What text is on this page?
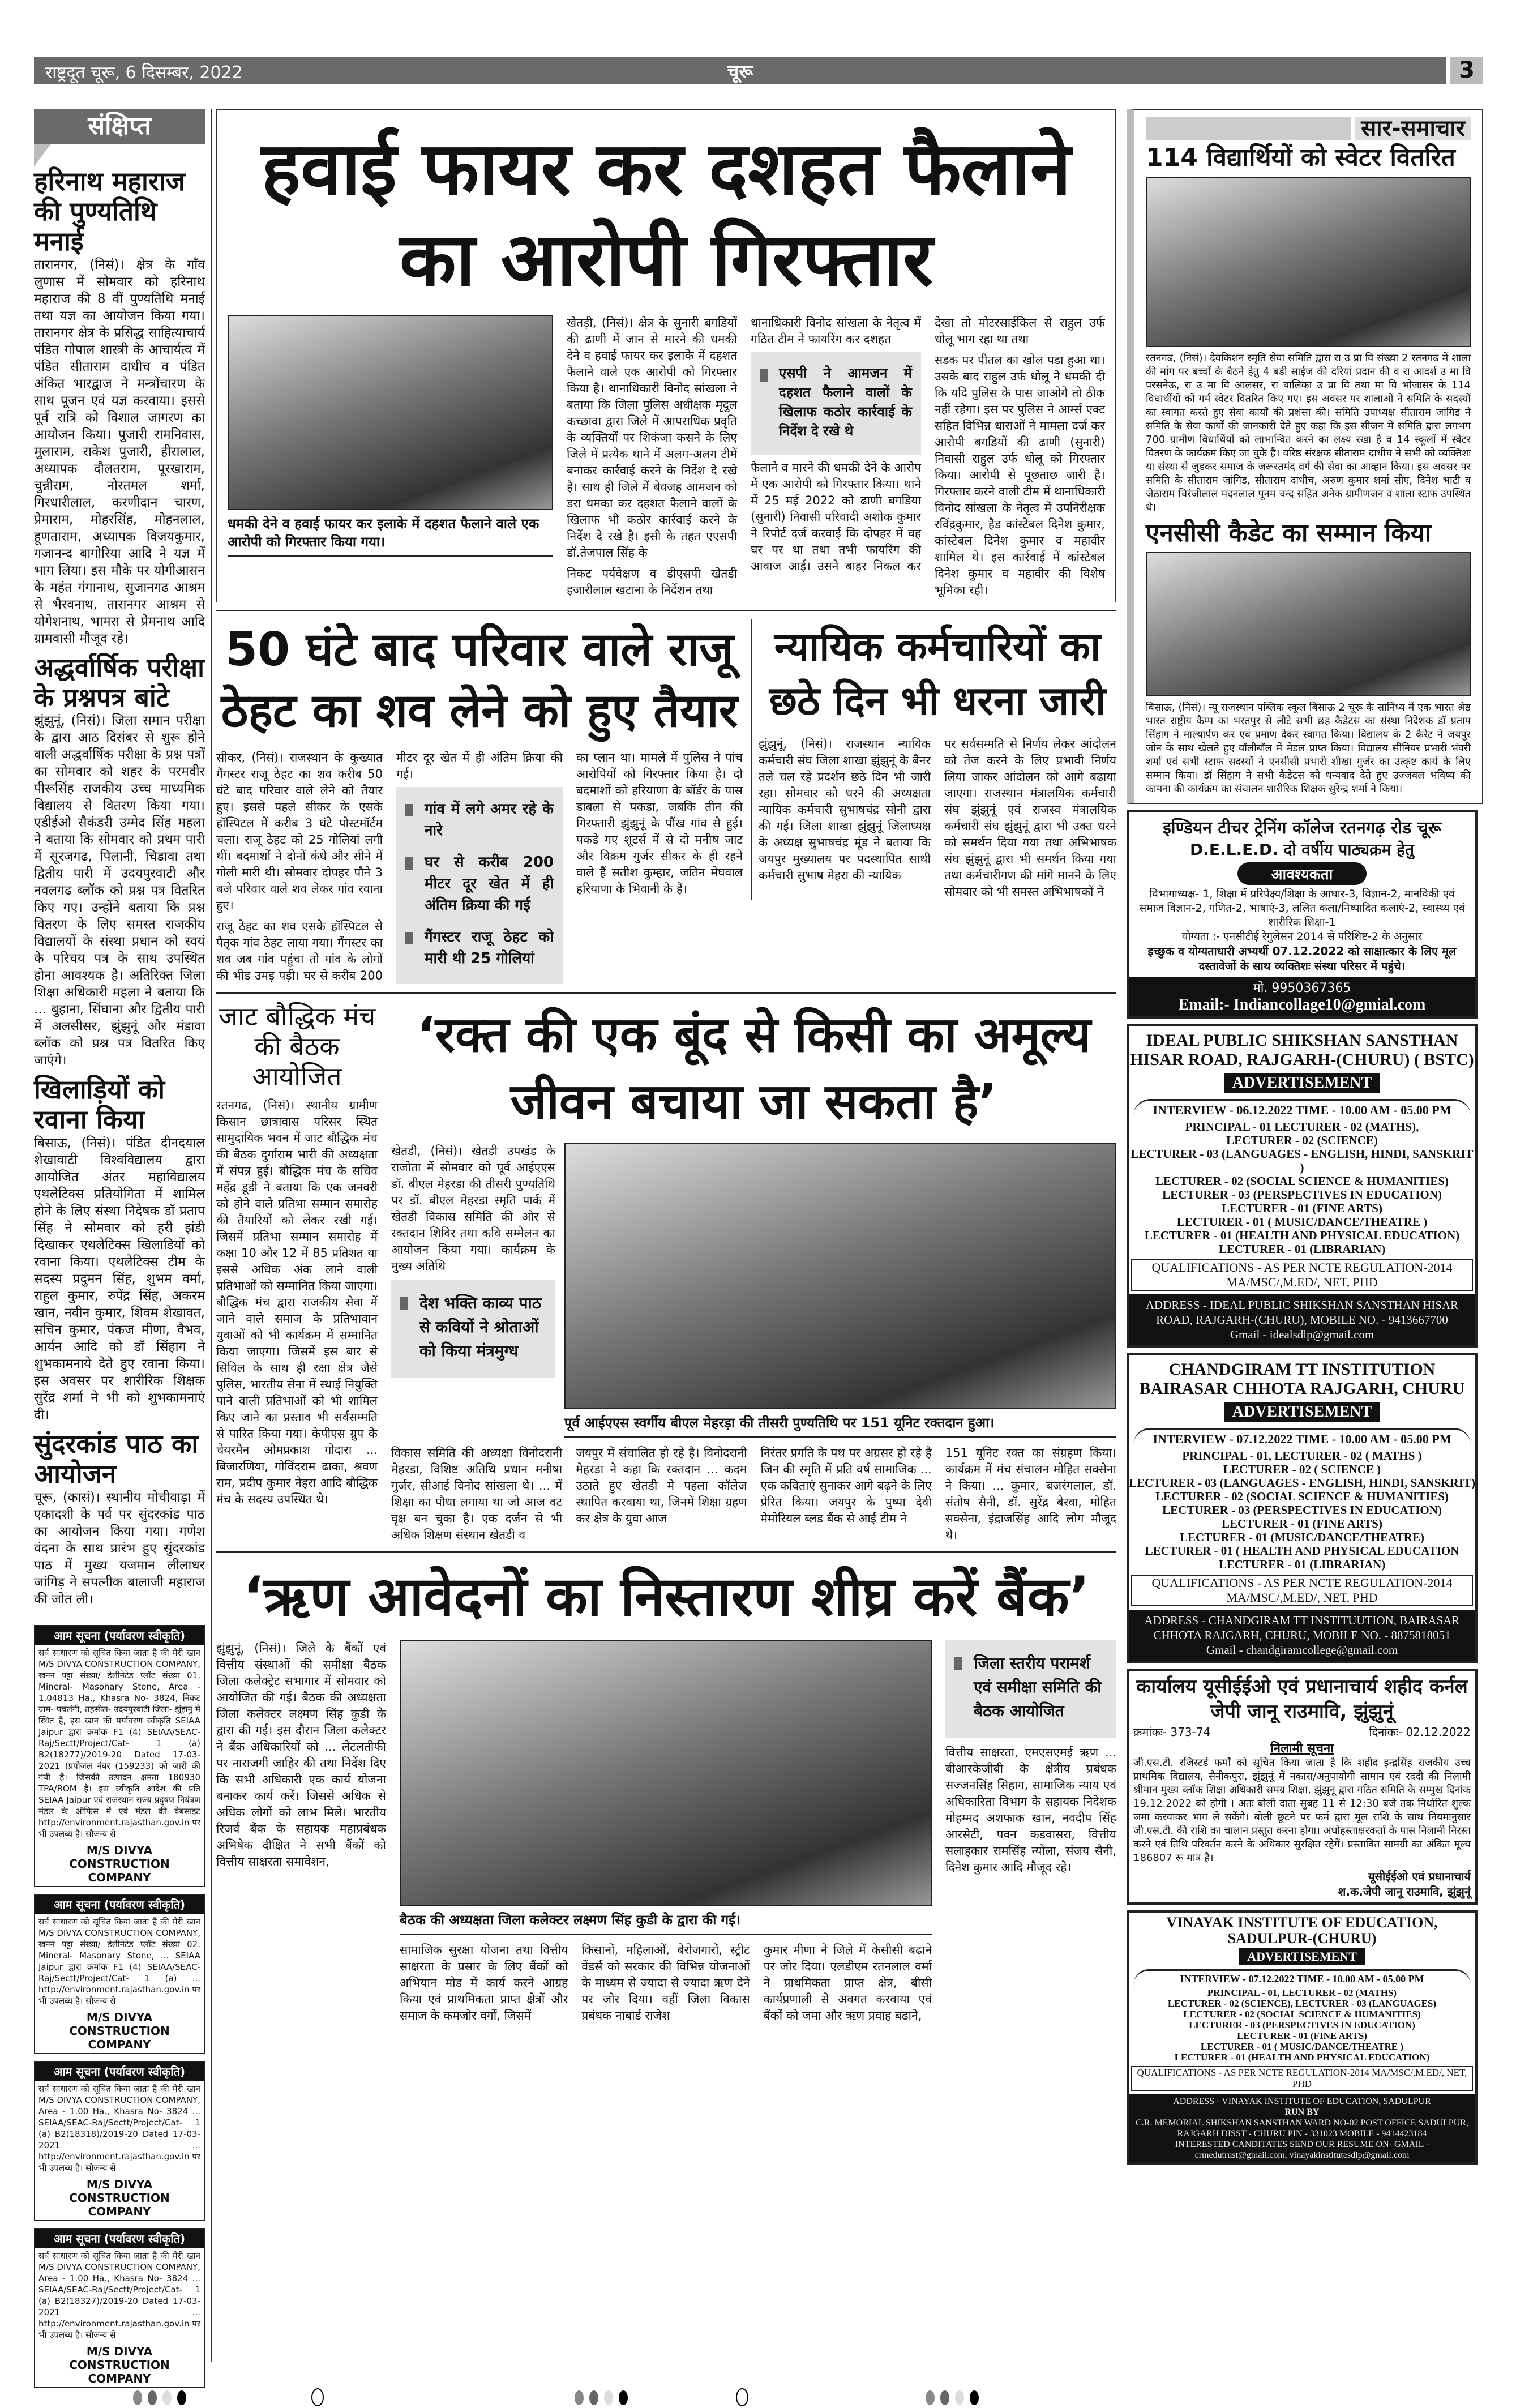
राष्ट्रदूत चूरू, 6 दिसम्बर, 2022	चूरू	3
संक्षिप्त
हरिनाथ महाराज की पुण्यतिथि मनाई
तारानगर, (निसं)। क्षेत्र के गाँव लुणास में सोमवार को हरिनाथ महाराज की 8 वीं पुण्यतिथि मनाई तथा यज्ञ का आयोजन किया गया। तारानगर क्षेत्र के प्रसिद्ध साहित्याचार्य पंडित गोपाल शास्त्री के आचार्यत्व में पंडित सीताराम दाधीच व पंडित अंकित भारद्वाज ने मन्त्रोंचारण के साथ पूजन एवं यज्ञ करवाया। इससे पूर्व रात्रि को विशाल जागरण का आयोजन किया। पुजारी रामनिवास, मुलाराम, राकेश पुजारी, हीरालाल, अध्यापक दौलतराम, पूरखाराम, चुन्नीराम, नोरतमल शर्मा, गिरधारीलाल, करणीदान चारण, प्रेमाराम, मोहरसिंह, मोहनलाल, हूणताराम, अध्यापक विजयकुमार, गजानन्द बागोरिया आदि ने यज्ञ में भाग लिया। इस मौके पर योगीआसन के महंत गंगानाथ, सुजानगढ आश्रम से भैरवनाथ, तारानगर आश्रम से योगेशनाथ, भामरा से प्रेमनाथ आदि ग्रामवासी मौजूद रहे।
अद्धर्वार्षिक परीक्षा के प्रश्नपत्र बांटे
झुंझुनूं, (निसं)। जिला समान परीक्षा के द्वारा आठ दिसंबर से शुरू होने वाली अद्धर्वार्षिक परीक्षा के प्रश्न पत्रों का सोमवार को शहर के परमवीर पीरूसिंह राजकीय उच्च माध्यमिक विद्यालय से वितरण किया गया। एडीईओ सैकंडरी उम्मेद सिंह महला ने बताया कि सोमवार को प्रथम पारी में सूरजगढ, पिलानी, चिडावा तथा द्वितीय पारी में उदयपुरवाटी और नवलगढ ब्लॉक को प्रश्न पत्र वितरित किए गए। उन्होंने बताया कि प्रश्न वितरण के लिए समस्त राजकीय विद्यालयों के संस्था प्रधान को स्वयं के परिचय पत्र के साथ उपस्थित होना आवश्यक है। अतिरिक्त जिला शिक्षा अधिकारी महला ने बताया कि ... बुहाना, सिंघाना और द्वितीय पारी में अलसीसर, झुंझुनूं और मंडावा ब्लॉक को प्रश्न पत्र वितरित किए जाएंगे।
खिलाड़ियों को रवाना किया
बिसाऊ, (निसं)। पंडित दीनदयाल शेखावाटी विश्वविद्यालय द्वारा आयोजित अंतर महाविद्यालय एथलेटिक्स प्रतियोगिता में शामिल होने के लिए संस्था निदेषक डॉ प्रताप सिंह ने सोमवार को हरी झंडी दिखाकर एथलेटिक्स खिलाडियों को रवाना किया। एथलेटिक्स टीम के सदस्य प्रदुमन सिंह, शुभम वर्मा, राहुल कुमार, रुपेंद्र सिंह, अकरम खान, नवीन कुमार, शिवम शेखावत, सचिन कुमार, पंकज मीणा, वैभव, आर्यन आदि को डॉ सिंहाग ने शुभकामनाये देते हुए रवाना किया। इस अवसर पर शारीरिक शिक्षक सुरेंद्र शर्मा ने भी को शुभकामनाएं दी।
सुंदरकांड पाठ का आयोजन
चूरू, (कासं)। स्थानीय मोचीवाड़ा में एकादशी के पर्व पर सुंदरकांड पाठ का आयोजन किया गया। गणेश वंदना के साथ प्रारंभ हुए सुंदरकांड पाठ में मुख्य यजमान लीलाधर जांगिड़ ने सपत्नीक बालाजी महाराज की जोत ली।
आम सूचना (पर्यावरण स्वीकृति)
सर्व साधारण को सूचित किया जाता है की मेरी खान M/S DIVYA CONSTRUCTION COMPANY, खनन पट्टा संख्या/ डेलीनेटेड प्लॉट संख्या 01, Mineral- Masonary Stone, Area - 1.04813 Ha., Khasra No- 3824, निकट ग्राम- पचलंगी, तहसील- उदयपुरवाटी जिला- झुंझनु में स्थित है, इस खान की पर्यावरण स्वीकृति SEIAA Jaipur द्वारा क्रमांक F1 (4) SEIAA/SEAC-Raj/Sectt/Project/Cat- 1 (a) B2(18277)/2019-20 Dated 17-03-2021 (प्रपोजल नंबर (159233) को जारी की गयी है। जिसकी उत्पादन क्षमता 180930 TPA/ROM है। इस स्वीकृति आदेश की प्रति SEIAA Jaipur एवं राजस्थान राज्य प्रदुषण नियंत्रण मंडल के ऑफिस में एवं मंडल की वेबसाइट http://environment.rajasthan.gov.in पर भी उपलब्ध है। सौजन्य से
M/S DIVYA CONSTRUCTION COMPANY
आम सूचना (पर्यावरण स्वीकृति)
सर्व साधारण को सूचित किया जाता है की मेरी खान M/S DIVYA CONSTRUCTION COMPANY, खनन पट्टा संख्या/ डेलीनेटेड प्लॉट संख्या 02, Mineral- Masonary Stone, ... SEIAA Jaipur द्वारा क्रमांक F1 (4) SEIAA/SEAC-Raj/Sectt/Project/Cat- 1 (a) ... http://environment.rajasthan.gov.in पर भी उपलब्ध है। सौजन्य से
M/S DIVYA CONSTRUCTION COMPANY
आम सूचना (पर्यावरण स्वीकृति)
सर्व साधारण को सूचित किया जाता है की मेरी खान M/S DIVYA CONSTRUCTION COMPANY, Area - 1.00 Ha., Khasra No- 3824 ... SEIAA/SEAC-Raj/Sectt/Project/Cat- 1 (a) B2(18318)/2019-20 Dated 17-03-2021 ... http://environment.rajasthan.gov.in पर भी उपलब्ध है। सौजन्य से
M/S DIVYA CONSTRUCTION COMPANY
आम सूचना (पर्यावरण स्वीकृति)
सर्व साधारण को सूचित किया जाता है की मेरी खान M/S DIVYA CONSTRUCTION COMPANY, Area - 1.00 Ha., Khasra No- 3824 ... SEIAA/SEAC-Raj/Sectt/Project/Cat- 1 (a) B2(18327)/2019-20 Dated 17-03-2021 ... http://environment.rajasthan.gov.in पर भी उपलब्ध है। सौजन्य से
M/S DIVYA CONSTRUCTION COMPANY
हवाई फायर कर दशहत फैलाने का आरोपी गिरफ्तार
धमकी देने व हवाई फायर कर इलाके में दहशत फैलाने वाले एक आरोपी को गिरफ्तार किया गया।
खेतड़ी, (निसं)। क्षेत्र के सुनारी बगडियों की ढाणी में जान से मारने की धमकी देने व हवाई फायर कर इलाके में दहशत फैलाने वाले एक आरोपी को गिरफ्तार किया है। थानाधिकारी विनोद सांखला ने बताया कि जिला पुलिस अधीक्षक मृदुल कच्छावा द्वारा जिले में आपराधिक प्रवृति के व्यक्तियों पर शिकंजा कसने के लिए जिले में प्रत्येक थाने में अलग-अलग टीमें बनाकर कार्रवाई करने के निर्देश दे रखे है। साथ ही जिले में बेवजह आमजन को डरा धमका कर दहशत फैलाने वालों के खिलाफ भी कठोर कार्रवाई करने के निर्देश दे रखे है। इसी के तहत एएसपी डॉ.तेजपाल सिंह के
निकट पर्यवेक्षण व डीएसपी खेतडी हजारीलाल खटाना के निर्देशन तथा
थानाधिकारी विनोद सांखला के नेतृत्व में गठित टीम ने फायरिंग कर दशहत

एसपी ने आमजन में दहशत फैलाने वालों के खिलाफ कठोर कार्रवाई के निर्देश दे रखे थे

फैलाने व मारने की धमकी देने के आरोप में एक आरोपी को गिरफ्तार किया। थाने में 25 मई 2022 को ढाणी बगडिया (सुनारी) निवासी परिवादी अशोक कुमार ने रिपोर्ट दर्ज करवाई कि दोपहर में वह घर पर था तथा तभी फायरिंग की आवाज आई। उसने बाहर निकल कर देखा तो मोटरसाईकिल से राहुल उर्फ धोलू भाग रहा था तथा
सडक पर पीतल का खोल पडा हुआ था। उसके बाद राहुल उर्फ धोलू ने धमकी दी कि यदि पुलिस के पास जाओगे तो ठीक नहीं रहेगा। इस पर पुलिस ने आर्म्स एक्ट सहित विभिन्न धाराओं ने मामला दर्ज कर आरोपी बगडियों की ढाणी (सुनारी) निवासी राहुल उर्फ धोलू को गिरफ्तार किया। आरोपी से पूछताछ जारी है। गिरफ्तार करने वाली टीम में थानाधिकारी विनोद सांखला के नेतृत्व में उपनिरीक्षक रविंद्रकुमार, हैड कांस्टेबल दिनेश कुमार, कांस्टेबल दिनेश कुमार व महावीर शामिल थे। इस कार्रवाई में कांस्टेबल दिनेश कुमार व महावीर की विशेष भूमिका रही।
50 घंटे बाद परिवार वाले राजू ठेहट का शव लेने को हुए तैयार
सीकर, (निसं)। राजस्थान के कुख्यात गैंगस्टर राजू ठेहट का शव करीब 50 घंटे बाद परिवार वाले लेने को तैयार हुए। इससे पहले सीकर के एसके हॉस्पिटल में करीब 3 घंटे पोस्टमॉर्टम चला। राजू ठेहट को 25 गोलियां लगी थीं। बदमाशों ने दोनों कंधे और सीने में गोली मारी थी। सोमवार दोपहर पौने 3 बजे परिवार वाले शव लेकर गांव रवाना हुए।
राजू ठेहट का शव एसके हॉस्पिटल से पैतृक गांव ठेहट लाया गया। गैंगस्टर का शव जब गांव पहुंचा तो गांव के लोगों की भीड उमड़ पड़ी। घर से करीब 200 मीटर दूर खेत में ही अंतिम क्रिया की गई।

गांव में लगे अमर रहे के नारे

घर से करीब 200 मीटर दूर खेत में ही अंतिम क्रिया की गई

गैंगस्टर राजू ठेहट को मारी थी 25 गोलियां

का प्लान था। मामले में पुलिस ने पांच आरोपियों को गिरफ्तार किया है। दो बदमाशों को हरियाणा के बॉर्डर के पास डाबला से पकडा, जबकि तीन की गिरफ्तारी झुंझुनूं के पौंख गांव से हुई। पकडे गए शूटर्स में से दो मनीष जाट और विक्रम गुर्जर सीकर के ही रहने वाले हैं सतीश कुम्हार, जतिन मेघवाल हरियाणा के भिवानी के हैं।
न्यायिक कर्मचारियों का छठे दिन भी धरना जारी
झुंझुनूं, (निसं)। राजस्थान न्यायिक कर्मचारी संघ जिला शाखा झुंझुनूं के बैनर तले चल रहे प्रदर्शन छठे दिन भी जारी रहा। सोमवार को धरने की अध्यक्षता न्यायिक कर्मचारी सुभाषचंद्र सोनी द्वारा की गई। जिला शाखा झुंझुनूं जिलाध्यक्ष के अध्यक्ष सुभाषचंद्र मूंड ने बताया कि जयपुर मुख्यालय पर पदस्थापित साथी कर्मचारी सुभाष मेहरा की न्यायिक
पर सर्वसम्मति से निर्णय लेकर आंदोलन को तेज करने के लिए प्रभावी निर्णय लिया जाकर आंदोलन को आगे बढाया जाएगा। राजस्थान मंत्रालयिक कर्मचारी संघ झुंझुनूं एवं राजस्व मंत्रालयिक कर्मचारी संघ झुंझुनूं द्वारा भी उक्त धरने को समर्थन दिया गया तथा अभिभाषक संघ झुंझुनूं द्वारा भी समर्थन किया गया तथा कर्मचारीगण की मांगे मानने के लिए सोमवार को भी समस्त अभिभाषकों ने
जाट बौद्धिक मंच की बैठक आयोजित
रतनगढ, (निसं)। स्थानीय ग्रामीण किसान छात्रावास परिसर स्थित सामुदायिक भवन में जाट बौद्धिक मंच की बैठक दुर्गाराम भारी की अध्यक्षता में संपन्न हुई। बौद्धिक मंच के सचिव महेंद्र डूडी ने बताया कि एक जनवरी को होने वाले प्रतिभा सम्मान समारोह की तैयारियों को लेकर रखी गई। जिसमें प्रतिभा सम्मान समारोह में कक्षा 10 और 12 में 85 प्रतिशत या इससे अधिक अंक लाने वाली प्रतिभाओं को सम्मानित किया जाएगा। बौद्धिक मंच द्वारा राजकीय सेवा में जाने वाले समाज के प्रतिभावान युवाओं को भी कार्यक्रम में सम्मानित किया जाएगा। जिसमें इस बार से सिविल के साथ ही रक्षा क्षेत्र जैसे पुलिस, भारतीय सेना में स्थाई नियुक्ति पाने वाली प्रतिभाओं को भी शामिल किए जाने का प्रस्ताव भी सर्वसम्मति से पारित किया गया। केपीएस ग्रुप के चेयरमैन ओमप्रकाश गोदारा ... बिजारणिया, गोविंदराम ढाका, श्रवण राम, प्रदीप कुमार नेहरा आदि बौद्धिक मंच के सदस्य उपस्थित थे।
‘रक्त की एक बूंद से किसी का अमूल्य जीवन बचाया जा सकता है’
खेतडी, (निसं)। खेतडी उपखंड के राजोता में सोमवार को पूर्व आईएएस डॉ. बीएल मेहरडा की तीसरी पुण्यतिथि पर डॉ. बीएल मेहरडा स्मृति पार्क में खेतडी विकास समिति की ओर से रक्तदान शिविर तथा कवि सम्मेलन का आयोजन किया गया। कार्यक्रम के मुख्य अतिथि

देश भक्ति काव्य पाठ से कवियों ने श्रोताओं को किया मंत्रमुग्ध

पूर्व आईएएस स्वर्गीय बीएल मेहरड़ा की तीसरी पुण्यतिथि पर 151 यूनिट रक्तदान हुआ।
विकास समिति की अध्यक्षा विनोदरानी मेहरडा, विशिष्ट अतिथि प्रधान मनीषा गुर्जर, सीआई विनोद सांखला थे। ... में शिक्षा का पौधा लगाया था जो आज वट वृक्ष बन चुका है। एक दर्जन से भी अधिक शिक्षण संस्थान खेतडी व
जयपुर में संचालित हो रहे है। विनोदरानी मेहरडा ने कहा कि रक्तदान ... कदम उठाते हुए खेतडी मे पहला कॉलेज स्थापित करवाया था, जिनमें शिक्षा ग्रहण कर क्षेत्र के युवा आज
निरंतर प्रगति के पथ पर अग्रसर हो रहे है जिन की स्मृति में प्रति वर्ष सामाजिक ... एक कविताएं सुनाकर आगे बढ़ने के लिए प्रेरित किया। जयपुर के पुष्पा देवी मेमोरियल ब्लड बैंक से आई टीम ने
151 यूनिट रक्त का संग्रहण किया। कार्यक्रम में मंच संचालन मोहित सक्सेना ने किया। ... कुमार, बजरंगलाल, डॉ. संतोष सैनी, डॉ. सुरेंद्र बेरवा, मोहित सक्सेना, इंद्राजसिंह आदि लोग मौजूद थे।
‘ऋण आवेदनों का निस्तारण शीघ्र करें बैंक’
झुंझुनूं, (निसं)। जिले के बैंकों एवं वित्तीय संस्थाओं की समीक्षा बैठक जिला कलेक्ट्रेट सभागार में सोमवार को आयोजित की गई। बैठक की अध्यक्षता जिला कलेक्टर लक्ष्मण सिंह कुडी के द्वारा की गई। इस दौरान जिला कलेक्टर ने बैंक अधिकारियों को ... लेटलतीफी पर नाराजगी जाहिर की तथा निर्देश दिए कि सभी अधिकारी एक कार्य योजना बनाकर कार्य करें। जिससे अधिक से अधिक लोगों को लाभ मिले। भारतीय रिजर्व बैंक के सहायक महाप्रबंधक अभिषेक दीक्षित ने सभी बैंकों को वित्तीय साक्षरता समावेशन,
बैठक की अध्यक्षता जिला कलेक्टर लक्ष्मण सिंह कुडी के द्वारा की गई।
सामाजिक सुरक्षा योजना तथा वित्तीय साक्षरता के प्रसार के लिए बैंकों को अभियान मोड में कार्य करने आग्रह किया एवं प्राथमिकता प्राप्त क्षेत्रों और समाज के कमजोर वर्गों, जिसमें
किसानों, महिलाओं, बेरोजगारों, स्ट्रीट वेंडर्स को सरकार की विभिन्न योजनाओं के माध्यम से ज्यादा से ज्यादा ऋण देने पर जोर दिया। वहीं जिला विकास प्रबंधक नाबार्ड राजेश
कुमार मीणा ने जिले में केसीसी बढाने पर जोर दिया। एलडीएम रतनलाल वर्मा ने प्राथमिकता प्राप्त क्षेत्र, बीसी कार्यप्रणाली से अवगत करवाया एवं बैंकों को जमा और ऋण प्रवाह बढाने,

जिला स्तरीय परामर्श एवं समीक्षा समिति की बैठक आयोजित

वित्तीय साक्षरता, एमएसएमई ऋण ... बीआरकेजीबी के क्षेत्रीय प्रबंधक सज्जनसिंह सिहाग, सामाजिक न्याय एवं अधिकारिता विभाग के सहायक निदेशक मोहम्मद अशफाक खान, नवदीप सिंह आरसेटी, पवन कडवासरा, वित्तीय सलाहकार रामसिंह न्योला, संजय सैनी, दिनेश कुमार आदि मौजूद रहे।
सार-समाचार
114 विद्यार्थियों को स्वेटर वितरित
रतनगढ, (निसं)। देवकिशन स्मृति सेवा समिति द्वारा रा उ प्रा वि संख्या 2 रतनगढ में शाला की मांग पर बच्चों के बैठने हेतु 4 बडी साईज की दरियां प्रदान की व रा आदर्श उ मा वि परसनेऊ, रा उ मा वि आलसर, रा बालिका उ प्रा वि तथा मा वि भोजासर के 114 विधार्थीयों को गर्म स्वेटर वितरित किए गए। इस अवसर पर शालाओं ने समिति के सदस्यों का स्वागत करते हुए सेवा कार्यों की प्रशंसा की। समिति उपाध्यक्ष सीताराम जांगिड ने समिति के सेवा कार्यों की जानकारी देते हुए कहा कि इस सीजन में समिति द्वारा लगभग 700 ग्रामीण विधार्थियों को लाभान्वित करने का लक्ष्य रखा है व 14 स्कूलों में स्वेटर वितरण के कार्यक्रम किए जा चुके हैं। वरिष्ठ संरक्षक सीताराम दाधीच ने सभी को व्यक्तिशः या संस्था से जुडकर समाज के जरूरतमंद वर्ग की सेवा का आव्हान किया। इस अवसर पर समिति के सीताराम जांगिड, सीताराम दाधीच, अरुण कुमार शर्मा सीए, दिनेश भाटी व जेठाराम चिरंजीलाल मदनलाल पूनम चन्द सहित अनेक ग्रामीणजन व शाला स्टाफ उपस्थित थे।
एनसीसी कैडेट का सम्मान किया
बिसाऊ, (निसं)। न्यू राजस्थान पब्लिक स्कूल बिसाऊ 2 चूरू के सानिध्य में एक भारत श्रेष्ठ भारत राष्ट्रीय कैम्प का भरतपुर से लौटे सभी छह कैडेटस का संस्था निदेशक डॉ प्रताप सिंहाग ने माल्यार्पण कर एवं प्रमाण देकर स्वागत किया। विद्यालय के 2 कैरेट ने जयपुर जोन के साथ खेलते हुए वॉलीबॉल में मेडल प्राप्त किया। विद्यालय सीनियर प्रभारी भंवरी शर्मा एवं सभी स्टाफ सदस्यों ने एनसीसी प्रभारी शीखा गुर्जर का उत्कृष्ट कार्य के लिए सम्मान किया। डॉ सिंहाग ने सभी कैडेटस को धन्यवाद देते हुए उज्जवल भविष्य की कामना की कार्यक्रम का संचालन शारीरिक शिक्षक सुरेन्द्र शर्मा ने किया।
इण्डियन टीचर ट्रेनिंग कॉलेज रतनगढ़ रोड चूरू
D.E.L.E.D. दो वर्षीय पाठ्यक्रम हेतु
आवश्यकता
विभागाध्यक्ष- 1, शिक्षा में प्ररिपेक्ष्य/शिक्षा के आधार-3, विज्ञान-2, मानविकी एवं समाज विज्ञान-2, गणित-2, भाषाएं-3, ललित कला/निष्पादित कलाएं-2, स्वास्थ्य एवं शारीरिक शिक्षा-1
योग्यता :- एनसीटीई रेगुलेसन 2014 से परिशिष्ट-2 के अनुसार
इच्छुक व योग्यताधारी अभ्यर्थी 07.12.2022 को साक्षात्कार के लिए मूल दस्तावेजों के साथ व्यक्तिशः संस्था परिसर में पहुंचे।
मो. 9950367365
Email:- Indiancollage10@gmial.com
IDEAL PUBLIC SHIKSHAN SANSTHAN HISAR ROAD, RAJGARH-(CHURU) ( BSTC)
ADVERTISEMENT
INTERVIEW - 06.12.2022 TIME - 10.00 AM - 05.00 PM
PRINCIPAL - 01 LECTURER - 02 (MATHS),
LECTURER - 02 (SCIENCE)
LECTURER - 03 (LANGUAGES - ENGLISH, HINDI, SANSKRIT )
LECTURER - 02 (SOCIAL SCIENCE & HUMANITIES)
LECTURER - 03 (PERSPECTIVES IN EDUCATION)
LECTURER - 01 (FINE ARTS)
LECTURER - 01 ( MUSIC/DANCE/THEATRE )
LECTURER - 01 (HEALTH AND PHYSICAL EDUCATION)
LECTURER - 01 (LIBRARIAN)
QUALIFICATIONS - AS PER NCTE REGULATION-2014 MA/MSC/,M.ED/, NET, PHD
ADDRESS - IDEAL PUBLIC SHIKSHAN SANSTHAN HISAR ROAD, RAJGARH-(CHURU), MOBILE NO. - 9413667700
Gmail - idealsdlp@gmail.com
CHANDGIRAM TT INSTITUTION BAIRASAR CHHOTA RAJGARH, CHURU
ADVERTISEMENT
INTERVIEW - 07.12.2022 TIME - 10.00 AM - 05.00 PM
PRINCIPAL - 01, LECTURER - 02 ( MATHS )
LECTURER - 02 ( SCIENCE )
LECTURER - 03 (LANGUAGES - ENGLISH, HINDI, SANSKRIT)
LECTURER - 02 (SOCIAL SCIENCE & HUMANITIES)
LECTURER - 03 (PERSPECTIVES IN EDUCATION)
LECTURER - 01 (FINE ARTS)
LECTURER - 01 (MUSIC/DANCE/THEATRE)
LECTURER - 01 ( HEALTH AND PHYSICAL EDUCATION
LECTURER - 01 (LIBRARIAN)
QUALIFICATIONS - AS PER NCTE REGULATION-2014 MA/MSC/,M.ED/, NET, PHD
ADDRESS - CHANDGIRAM TT INSTITUUTION, BAIRASAR CHHOTA RAJGARH, CHURU, MOBILE NO. - 8875818051
Gmail - chandgiramcollege@gmail.com
कार्यालय यूसीईईओ एवं प्रधानाचार्य शहीद कर्नल जेपी जानू राउमावि, झुंझुनूं
क्रमांकः- 373-74	दिनांकः- 02.12.2022
निलामी सूचना
जी.एस.टी. रजिस्टर्ड फर्मों को सूचित किया जाता है कि शहीद इन्द्रसिंह राजकीय उच्च प्राथमिक विद्यालय, सैनीकपुरा, झुंझुनूं में नकारा/अनुपायोगी सामान एवं रददी की निलामी श्रीमान मुख्य ब्लॉक शिक्षा अधिकारी समग्र शिक्षा, झुंझुनू द्वारा गठित समिति के सम्मुख दिनांक 19.12.2022 को होगी । अतः बोली दाता सुबह 11 से 12:30 बजे तक निर्धारित शुल्क जमा करवाकर भाग ले सकेंगे। बोली छूटने पर फर्म द्वारा मूल राशि के साथ नियमानुसार जी.एस.टी. की राशि का चालान प्रस्तुत करना होगा। अधोहस्ताक्षरकर्ता के पास निलामी निरस्त करने एवं तिथि परिवर्तन करने के अधिकार सुरक्षित रहेगें। प्रस्तावित सामग्री का अंकित मूल्य 186807 रू मात्र है।
यूसीईईओ एवं प्रधानाचार्य
श.क.जेपी जानू राउमावि, झुंझुनूं
VINAYAK INSTITUTE OF EDUCATION, SADULPUR-(CHURU)
ADVERTISEMENT
INTERVIEW - 07.12.2022 TIME - 10.00 AM - 05.00 PM
PRINCIPAL - 01, LECTURER - 02 (MATHS)
LECTURER - 02 (SCIENCE), LECTURER - 03 (LANGUAGES)
LECTURER - 02 (SOCIAL SCIENCE & HUMANITIES)
LECTURER - 03 (PERSPECTIVES IN EDUCATION)
LECTURER - 01 (FINE ARTS)
LECTURER - 01 ( MUSIC/DANCE/THEATRE )
LECTURER - 01 (HEALTH AND PHYSICAL EDUCATION)
QUALIFICATIONS - AS PER NCTE REGULATION-2014 MA/MSC/,M.ED/, NET, PHD
ADDRESS - VINAYAK INSTITUTE OF EDUCATION, SADULPUR
RUN BY
C.R. MEMORIAL SHIKSHAN SANSTHAN WARD NO-02 POST OFFICE SADULPUR, RAJGARH DISST - CHURU PIN - 331023 MOBILE - 9414423184
INTERESTED CANDITATES SEND OUR RESUME ON- GMAIL - crmedutrust@gmail.com, vinayakinstitutesdlp@gmail.com
